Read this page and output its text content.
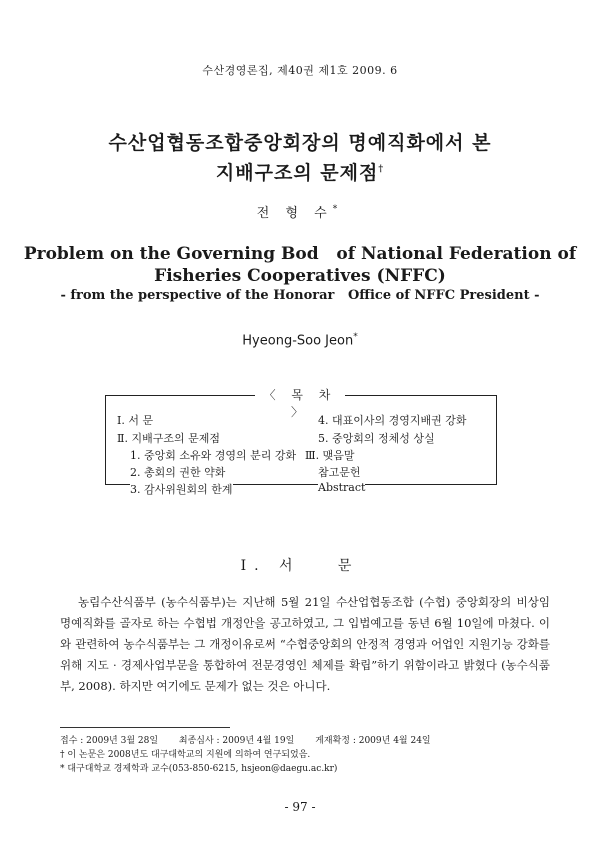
수산경영론집, 제40권 제1호 2009. 6
수산업협동조합중앙회장의 명예직화에서 본
지배구조의 문제점†
전 형 수*
Problem on the Governing Bod   of National Federation of
Fisheries Cooperatives (NFFC)
- from the perspective of the Honorar   Office of NFFC President -
Hyeong-Soo Jeon*
〈 목 차 〉
Ⅰ. 서 문
Ⅱ. 지배구조의 문제점
1. 중앙회 소유와 경영의 분리 강화
2. 총회의 권한 약화
3. 감사위원회의 한계
4. 대표이사의 경영지배권 강화
5. 중앙회의 정체성 상실
Ⅲ. 맺음말
참고문헌
Abstract
Ⅰ. 서   문
농림수산식품부 (농수식품부)는 지난해 5월 21일 수산업협동조합 (수협) 중앙회장의 비상임 명예직화를 골자로 하는 수협법 개정안을 공고하였고, 그 입법예고를 동년 6월 10일에 마쳤다. 이와 관련하여 농수식품부는 그 개정이유로써 “수협중앙회의 안정적 경영과 어업인 지원기능 강화를 위해 지도 · 경제사업부문을 통합하여 전문경영인 체제를 확립”하기 위함이라고 밝혔다 (농수식품부, 2008). 하지만 여기에도 문제가 없는 것은 아니다.
접수 : 2009년 3월 28일 최종심사 : 2009년 4월 19일 게재확정 : 2009년 4월 24일
† 이 논문은 2008년도 대구대학교의 지원에 의하여 연구되었음.
* 대구대학교 경제학과 교수(053-850-6215, hsjeon@daegu.ac.kr)
- 97 -
